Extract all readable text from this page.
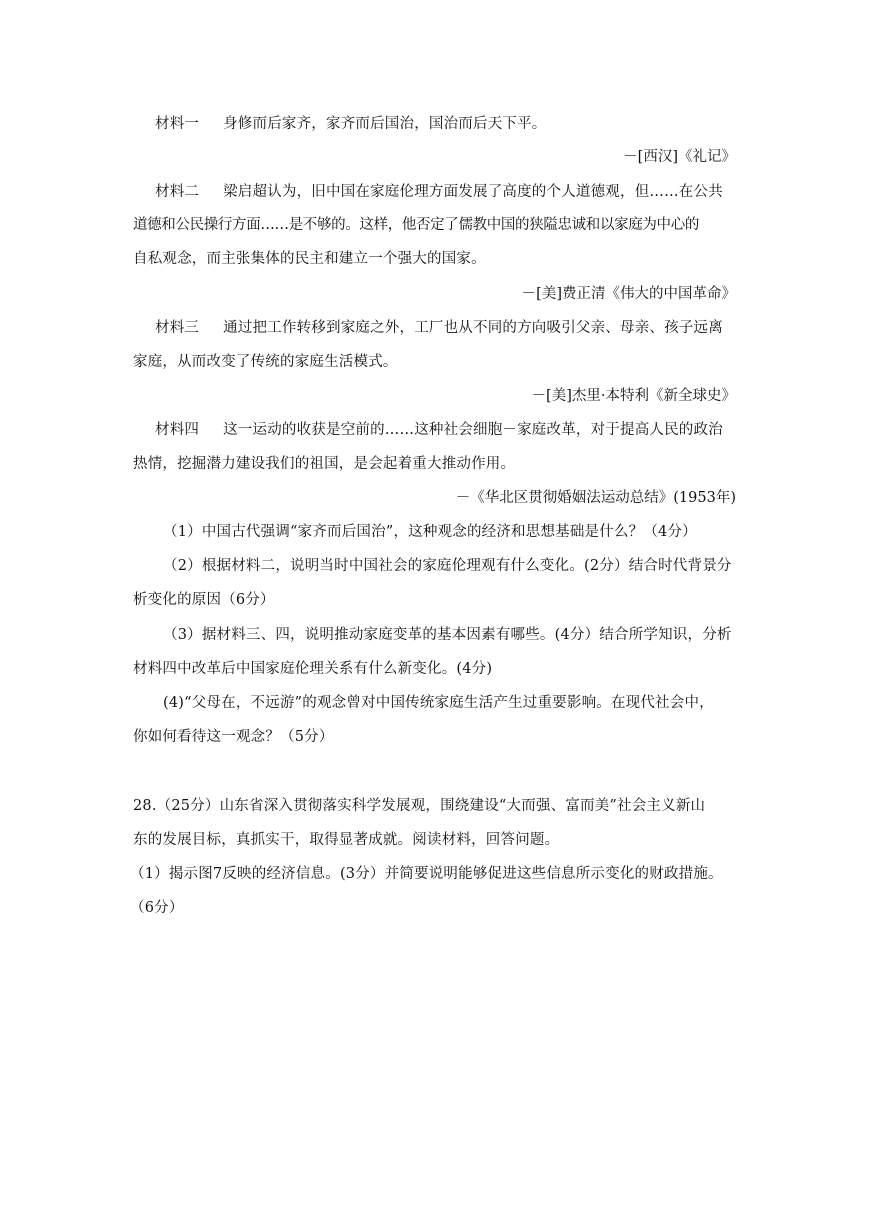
材料一 身修而后家齐，家齐而后国治，国治而后天下平。
－[西汉]《礼记》
材料二 梁启超认为，旧中国在家庭伦理方面发展了高度的个人道德观，但……在公共
道德和公民操行方面……是不够的。这样，他否定了儒教中国的狭隘忠诚和以家庭为中心的
自私观念，而主张集体的民主和建立一个强大的国家。
－[美]费正清《伟大的中国革命》
材料三 通过把工作转移到家庭之外，工厂也从不同的方向吸引父亲、母亲、孩子远离
家庭，从而改变了传统的家庭生活模式。
－[美]杰里·本特利《新全球史》
材料四 这一运动的收获是空前的……这种社会细胞－家庭改革，对于提高人民的政治
热情，挖掘潜力建设我们的祖国，是会起着重大推动作用。
－《华北区贯彻婚姻法运动总结》(1953年)
（1）中国古代强调“家齐而后国治”，这种观念的经济和思想基础是什么？（4分）
（2）根据材料二，说明当时中国社会的家庭伦理观有什么变化。(2分）结合时代背景分
析变化的原因（6分）
（3）据材料三、四，说明推动家庭变革的基本因素有哪些。(4分）结合所学知识，分析
材料四中改革后中国家庭伦理关系有什么新变化。(4分)
(4)“父母在，不远游”的观念曾对中国传统家庭生活产生过重要影响。在现代社会中，
你如何看待这一观念？（5分）
28.（25分）山东省深入贯彻落实科学发展观，围绕建设“大而强、富而美”社会主义新山
东的发展目标，真抓实干，取得显著成就。阅读材料，回答问题。
（1）揭示图7反映的经济信息。(3分）并简要说明能够促进这些信息所示变化的财政措施。
（6分）
